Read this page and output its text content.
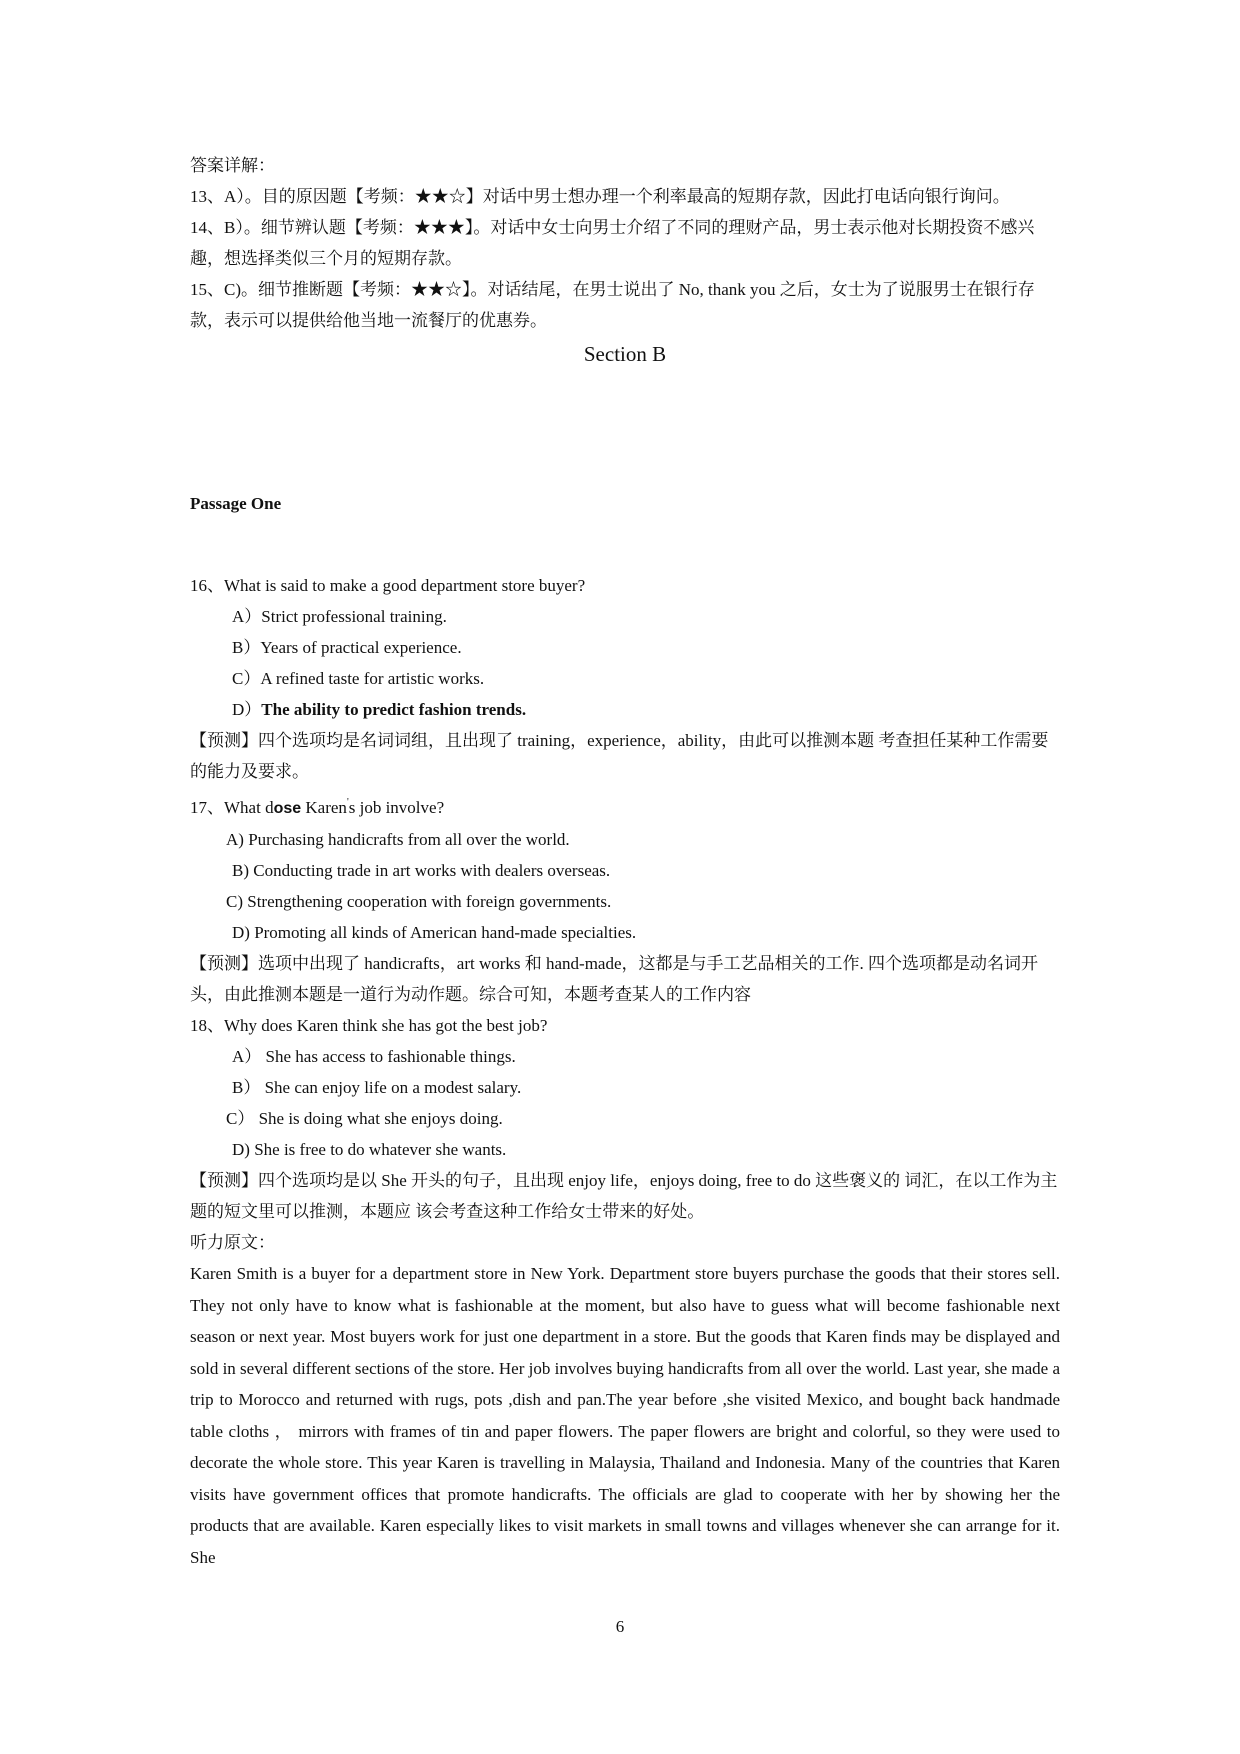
答案详解：

13、A）。目的原因题【考频：★★☆】对话中男士想办理一个利率最高的短期存款，因此打电话向银行询问。

14、B）。细节辨认题【考频：★★★】。对话中女士向男士介绍了不同的理财产品，男士表示他对长期投资不感兴趣，想选择类似三个月的短期存款。

15、C)。细节推断题【考频：★★☆】。对话结尾，在男士说出了 No, thank you 之后，女士为了说服男士在银行存款，表示可以提供给他当地一流餐厅的优惠券。

Section B

Passage One

16、What is said to make a good department store buyer?

A）Strict professional training.

B）Years of practical experience.

C）A refined taste for artistic works.

D）The ability to predict fashion trends.

【预测】四个选项均是名词词组，且出现了 training，experience，ability，由此可以推测本题 考查担任某种工作需要的能力及要求。

17、What dose Karen's job involve?

A) Purchasing handicrafts from all over the world.

B) Conducting trade in art works with dealers overseas.

C) Strengthening cooperation with foreign governments.

D) Promoting all kinds of American hand-made specialties.

【预测】选项中出现了 handicrafts，art works 和 hand-made，这都是与手工艺品相关的工作. 四个选项都是动名词开头，由此推测本题是一道行为动作题。综合可知，本题考查某人的工作内容

18、Why does Karen think she has got the best job?

A） She has access to fashionable things.

B） She can enjoy life on a modest salary.

C） She is doing what she enjoys doing.

D) She is free to do whatever she wants.

【预测】四个选项均是以 She 开头的句子，且出现 enjoy life，enjoys doing, free to do 这些褒义的 词汇，在以工作为主题的短文里可以推测，本题应 该会考查这种工作给女士带来的好处。

听力原文：

Karen Smith is a buyer for a department store in New York. Department store buyers purchase the goods that their stores sell. They not only have to know what is fashionable at the moment, but also have to guess what will become fashionable next season or next year. Most buyers work for just one department in a store. But the goods that Karen finds may be displayed and sold in several different sections of the store. Her job involves buying handicrafts from all over the world. Last year, she made a trip to Morocco and returned with rugs, pots ,dish and pan.The year before ,she visited Mexico, and bought back handmade table cloths ， mirrors with frames of tin and paper flowers. The paper flowers are bright and colorful, so they were used to decorate the whole store. This year Karen is travelling in Malaysia, Thailand and Indonesia. Many of the countries that Karen visits have government offices that promote handicrafts. The officials are glad to cooperate with her by showing her the products that are available. Karen especially likes to visit markets in small towns and villages whenever she can arrange for it. She

6
